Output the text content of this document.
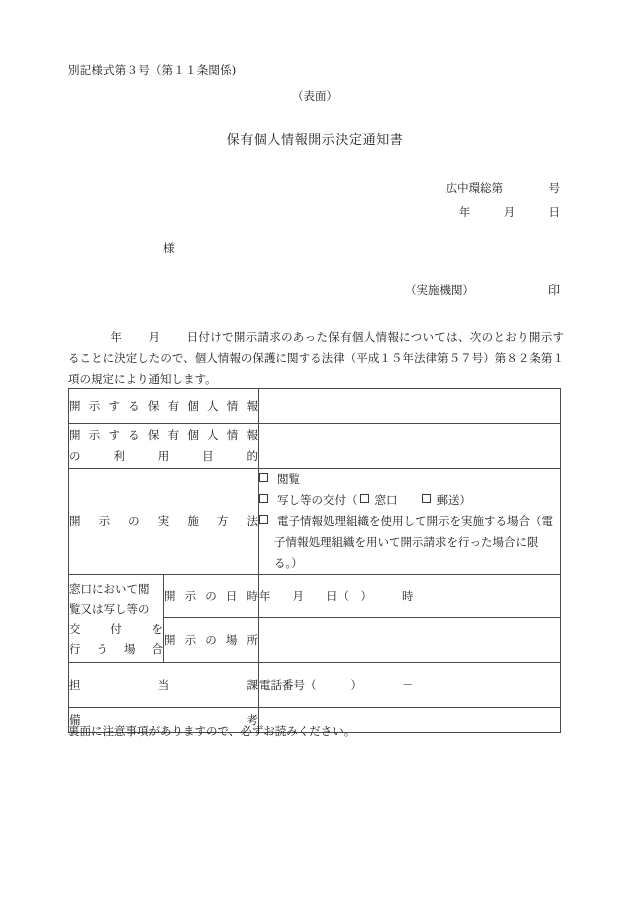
別記様式第３号（第１１条関係)
（表面）
保有個人情報開示決定通知書
広中環総第	号
年	月	日
様
（実施機関）	印
年 月 日付けで開示請求のあった保有個人情報については、次のとおり開示することに決定したので、個人情報の保護に関する法律（平成１５年法律第５７号）第８２条第１項の規定により通知します。
開示する保有個人情報		

開示する保有個人情報
の利用目的		

開示の実施方法		閲覧
写し等の交付（ 窓口 郵送）
電子情報処理組織を使用して開示を実施する場合（電子情報処理組織を用いて開示請求を行った場合に限る。）

窓口において閲
覧又は写し等の
交付を
行う場合	開示の日時	年 月 日（　） 時
	開示の場所	
担当課		電話番号（ ） －
備考		
裏面に注意事項がありますので、必ずお読みください。
